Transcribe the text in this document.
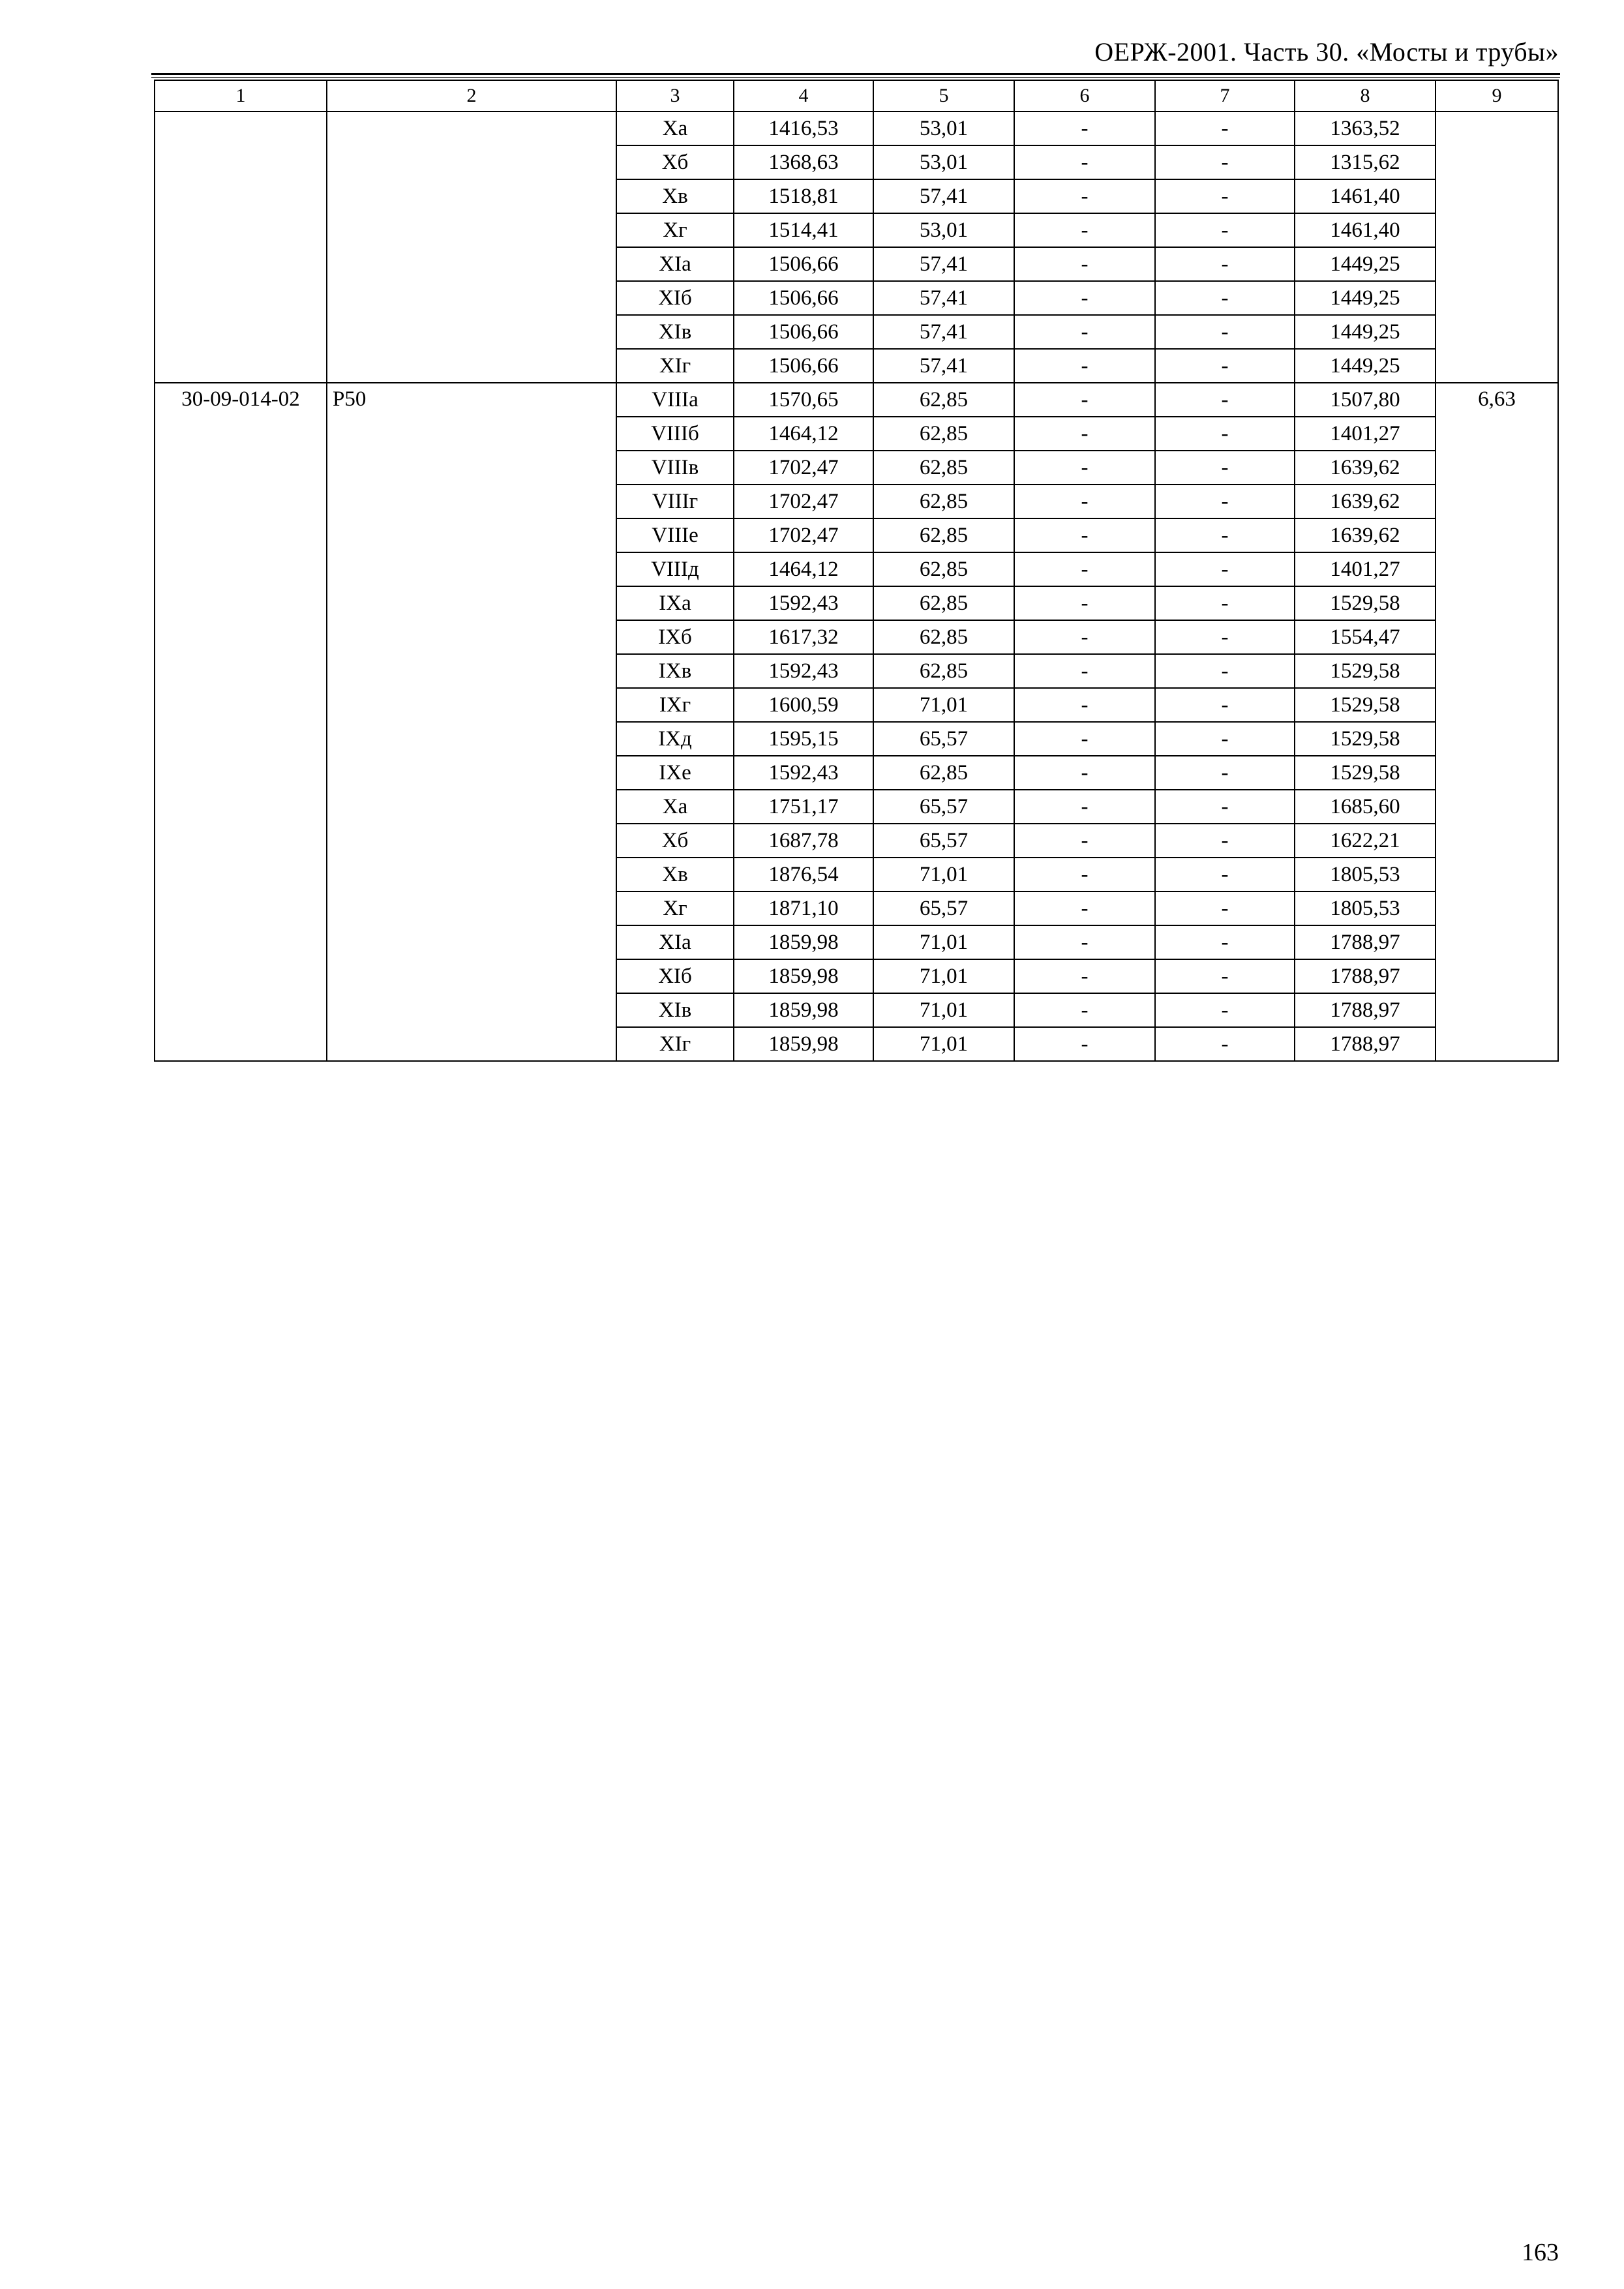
ОЕРЖ-2001. Часть 30. «Мосты и трубы»
1	2	3	4	5	6	7	8	9
		Xa	1416,53	53,01	-	-	1363,52	
		Xб	1368,63	53,01	-	-	1315,62	
		Xв	1518,81	57,41	-	-	1461,40	
		Xг	1514,41	53,01	-	-	1461,40	
		XIa	1506,66	57,41	-	-	1449,25	
		XIб	1506,66	57,41	-	-	1449,25	
		XIв	1506,66	57,41	-	-	1449,25	
		XIг	1506,66	57,41	-	-	1449,25	
30-09-014-02	P50	VIIIa	1570,65	62,85	-	-	1507,80	6,63
		VIIIб	1464,12	62,85	-	-	1401,27	
		VIIIв	1702,47	62,85	-	-	1639,62	
		VIIIг	1702,47	62,85	-	-	1639,62	
		VIIIe	1702,47	62,85	-	-	1639,62	
		VIIIд	1464,12	62,85	-	-	1401,27	
		IXa	1592,43	62,85	-	-	1529,58	
		IXб	1617,32	62,85	-	-	1554,47	
		IXв	1592,43	62,85	-	-	1529,58	
		IXг	1600,59	71,01	-	-	1529,58	
		IXд	1595,15	65,57	-	-	1529,58	
		IXe	1592,43	62,85	-	-	1529,58	
		Xa	1751,17	65,57	-	-	1685,60	
		Xб	1687,78	65,57	-	-	1622,21	
		Xв	1876,54	71,01	-	-	1805,53	
		Xг	1871,10	65,57	-	-	1805,53	
		XIa	1859,98	71,01	-	-	1788,97	
		XIб	1859,98	71,01	-	-	1788,97	
		XIв	1859,98	71,01	-	-	1788,97	
		XIг	1859,98	71,01	-	-	1788,97	
163
